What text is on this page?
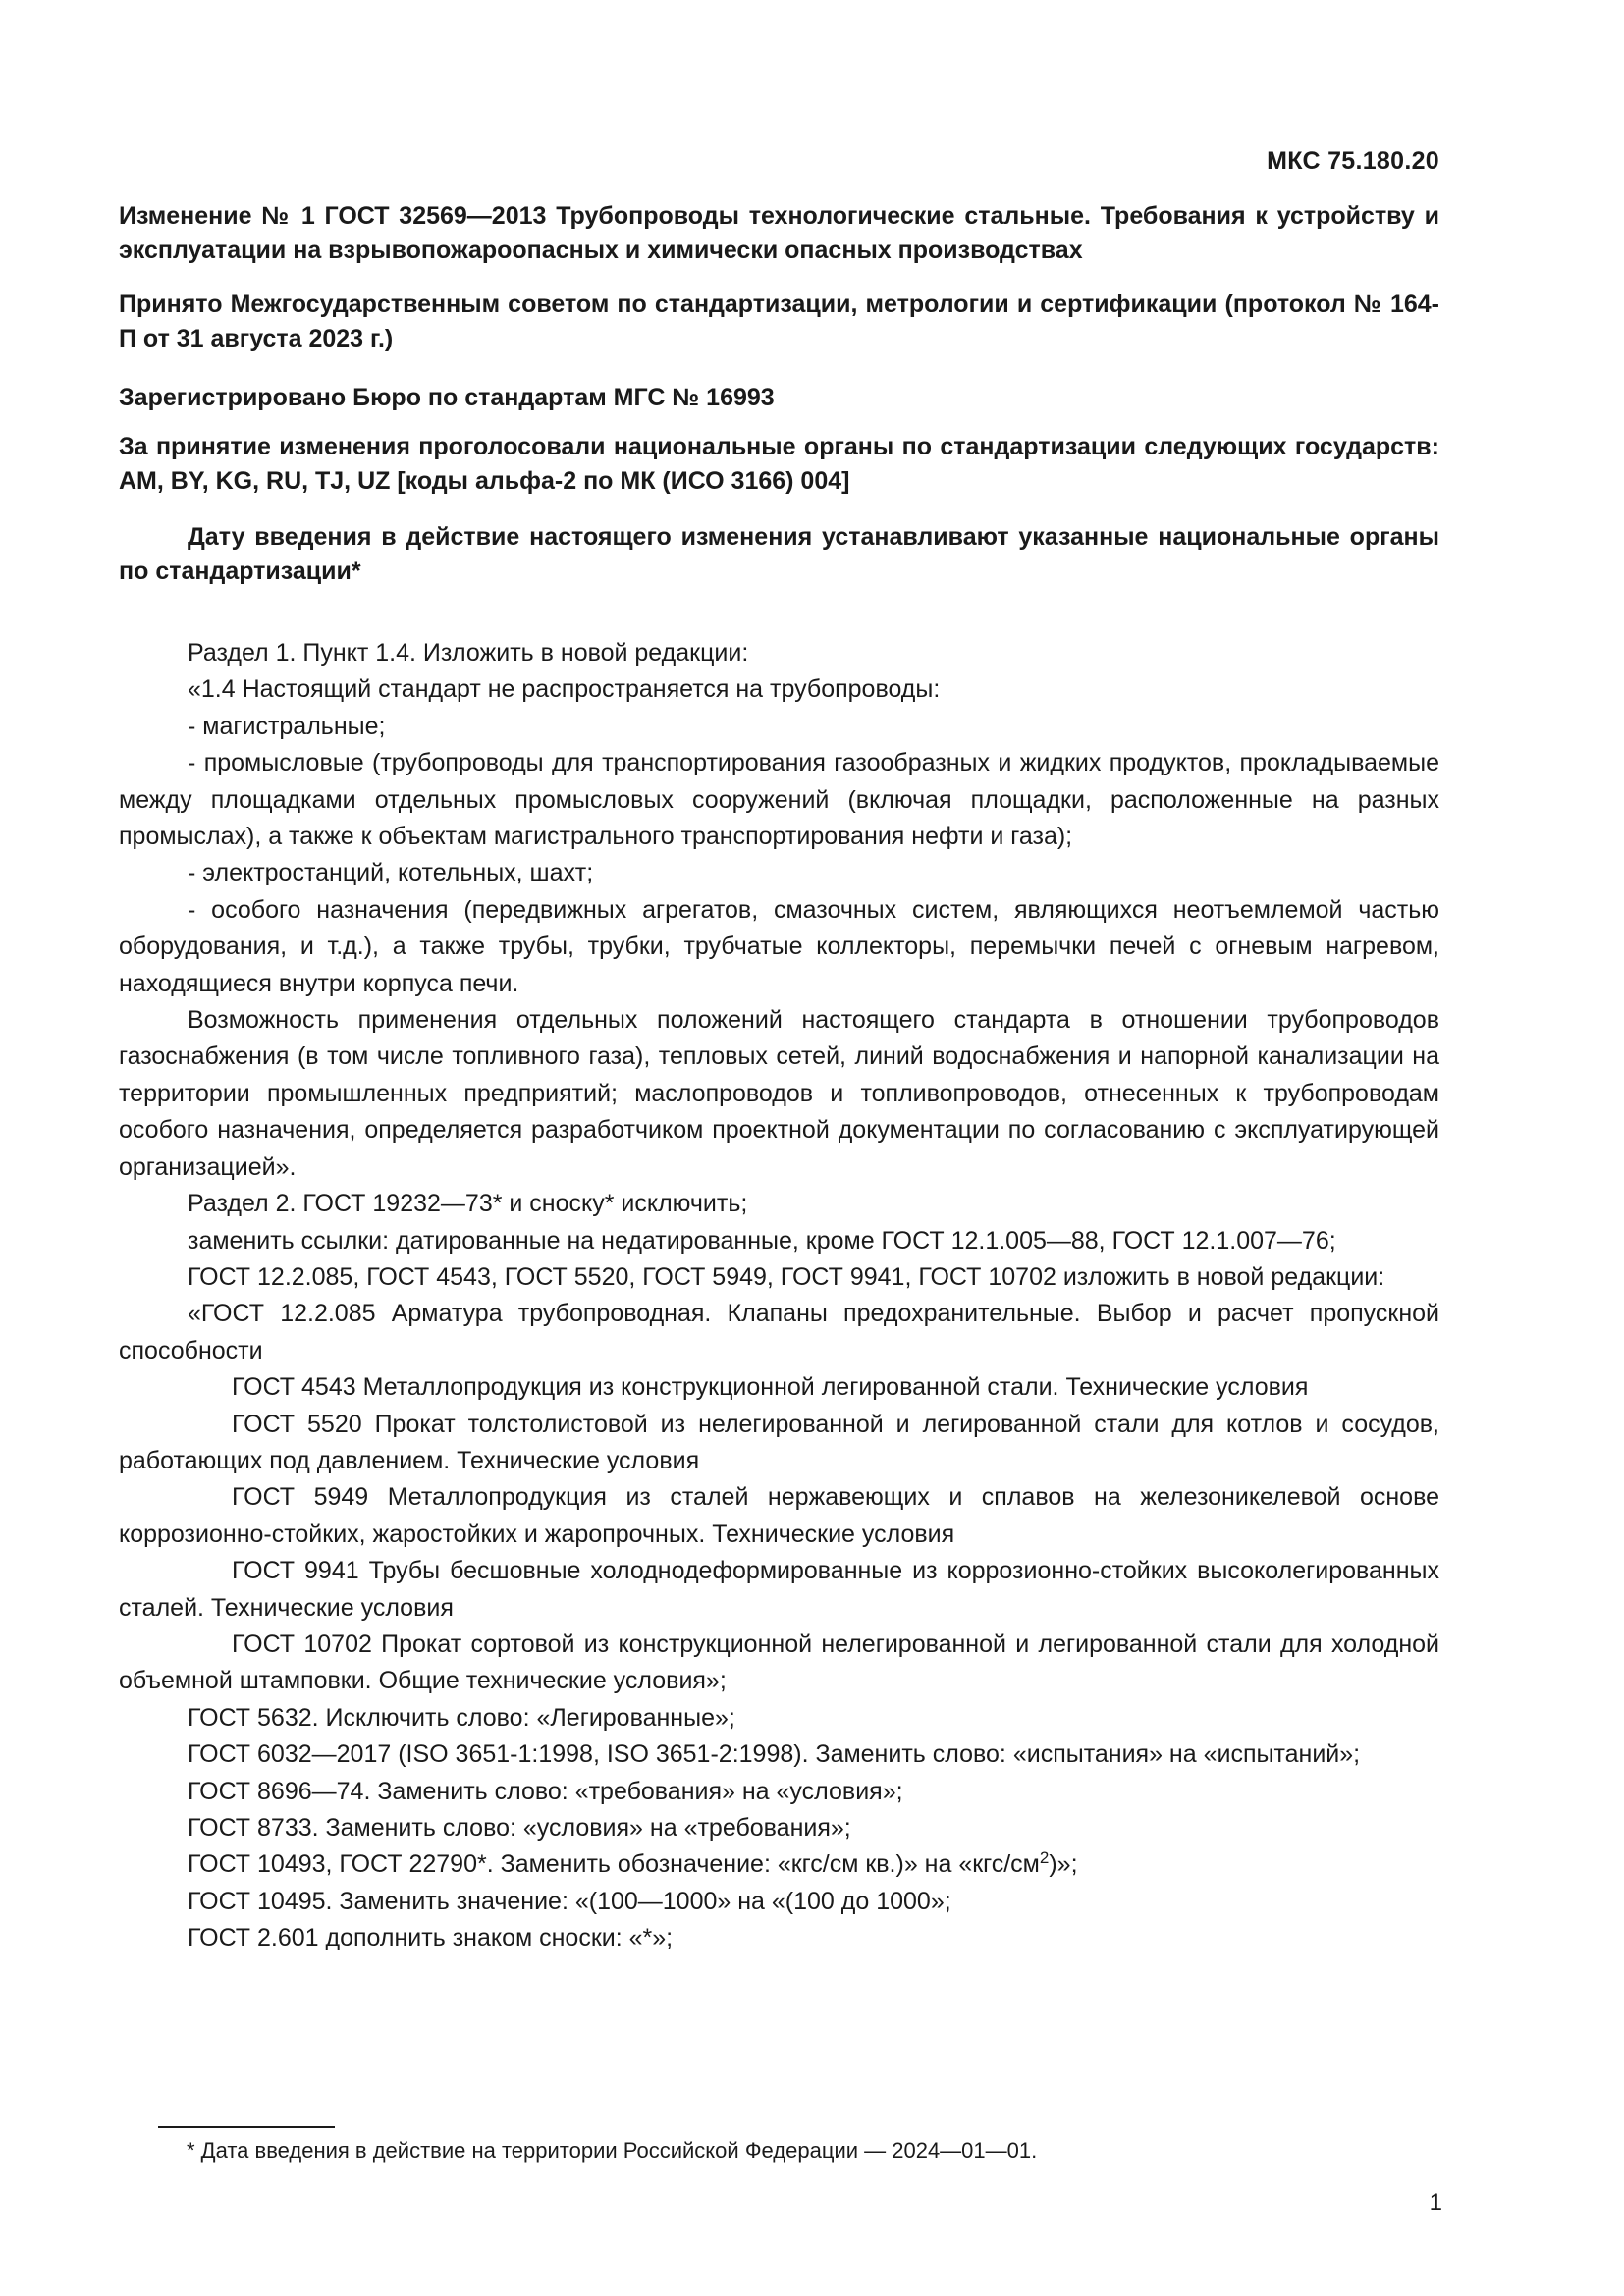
МКС 75.180.20

Изменение № 1 ГОСТ 32569—2013 Трубопроводы технологические стальные. Требования к устройству и эксплуатации на взрывопожароопасных и химически опасных производствах

Принято Межгосударственным советом по стандартизации, метрологии и сертификации (протокол № 164-П от 31 августа 2023 г.)

Зарегистрировано Бюро по стандартам МГС № 16993

За принятие изменения проголосовали национальные органы по стандартизации следующих государств: AM, BY, KG, RU, TJ, UZ [коды альфа-2 по МК (ИСО 3166) 004]

Дату введения в действие настоящего изменения устанавливают указанные национальные органы по стандартизации*

Раздел 1. Пункт 1.4. Изложить в новой редакции:

«1.4 Настоящий стандарт не распространяется на трубопроводы:

- магистральные;

- промысловые (трубопроводы для транспортирования газообразных и жидких продуктов, прокладываемые между площадками отдельных промысловых сооружений (включая площадки, расположенные на разных промыслах), а также к объектам магистрального транспортирования нефти и газа);

- электростанций, котельных, шахт;

- особого назначения (передвижных агрегатов, смазочных систем, являющихся неотъемлемой частью оборудования, и т.д.), а также трубы, трубки, трубчатые коллекторы, перемычки печей с огневым нагревом, находящиеся внутри корпуса печи.

Возможность применения отдельных положений настоящего стандарта в отношении трубопроводов газоснабжения (в том числе топливного газа), тепловых сетей, линий водоснабжения и напорной канализации на территории промышленных предприятий; маслопроводов и топливопроводов, отнесенных к трубопроводам особого назначения, определяется разработчиком проектной документации по согласованию с эксплуатирующей организацией».

Раздел 2. ГОСТ 19232—73* и сноску* исключить;

заменить ссылки: датированные на недатированные, кроме ГОСТ 12.1.005—88, ГОСТ 12.1.007—76;

ГОСТ 12.2.085, ГОСТ 4543, ГОСТ 5520, ГОСТ 5949, ГОСТ 9941, ГОСТ 10702 изложить в новой редакции:

«ГОСТ 12.2.085 Арматура трубопроводная. Клапаны предохранительные. Выбор и расчет пропускной способности

ГОСТ 4543 Металлопродукция из конструкционной легированной стали. Технические условия

ГОСТ 5520 Прокат толстолистовой из нелегированной и легированной стали для котлов и сосудов, работающих под давлением. Технические условия

ГОСТ 5949 Металлопродукция из сталей нержавеющих и сплавов на железоникелевой основе коррозионно-стойких, жаростойких и жаропрочных. Технические условия

ГОСТ 9941 Трубы бесшовные холоднодеформированные из коррозионно-стойких высоколегированных сталей. Технические условия

ГОСТ 10702 Прокат сортовой из конструкционной нелегированной и легированной стали для холодной объемной штамповки. Общие технические условия»;

ГОСТ 5632. Исключить слово: «Легированные»;

ГОСТ 6032—2017 (ISO 3651-1:1998, ISO 3651-2:1998). Заменить слово: «испытания» на «испытаний»;

ГОСТ 8696—74. Заменить слово: «требования» на «условия»;

ГОСТ 8733. Заменить слово: «условия» на «требования»;

ГОСТ 10493, ГОСТ 22790*. Заменить обозначение: «кгс/см кв.)» на «$кгс/см^2$)»;

ГОСТ 10495. Заменить значение: «(100—1000» на «(100 до 1000»;

ГОСТ 2.601 дополнить знаком сноски: «*»;

* Дата введения в действие на территории Российской Федерации — 2024—01—01.
1
